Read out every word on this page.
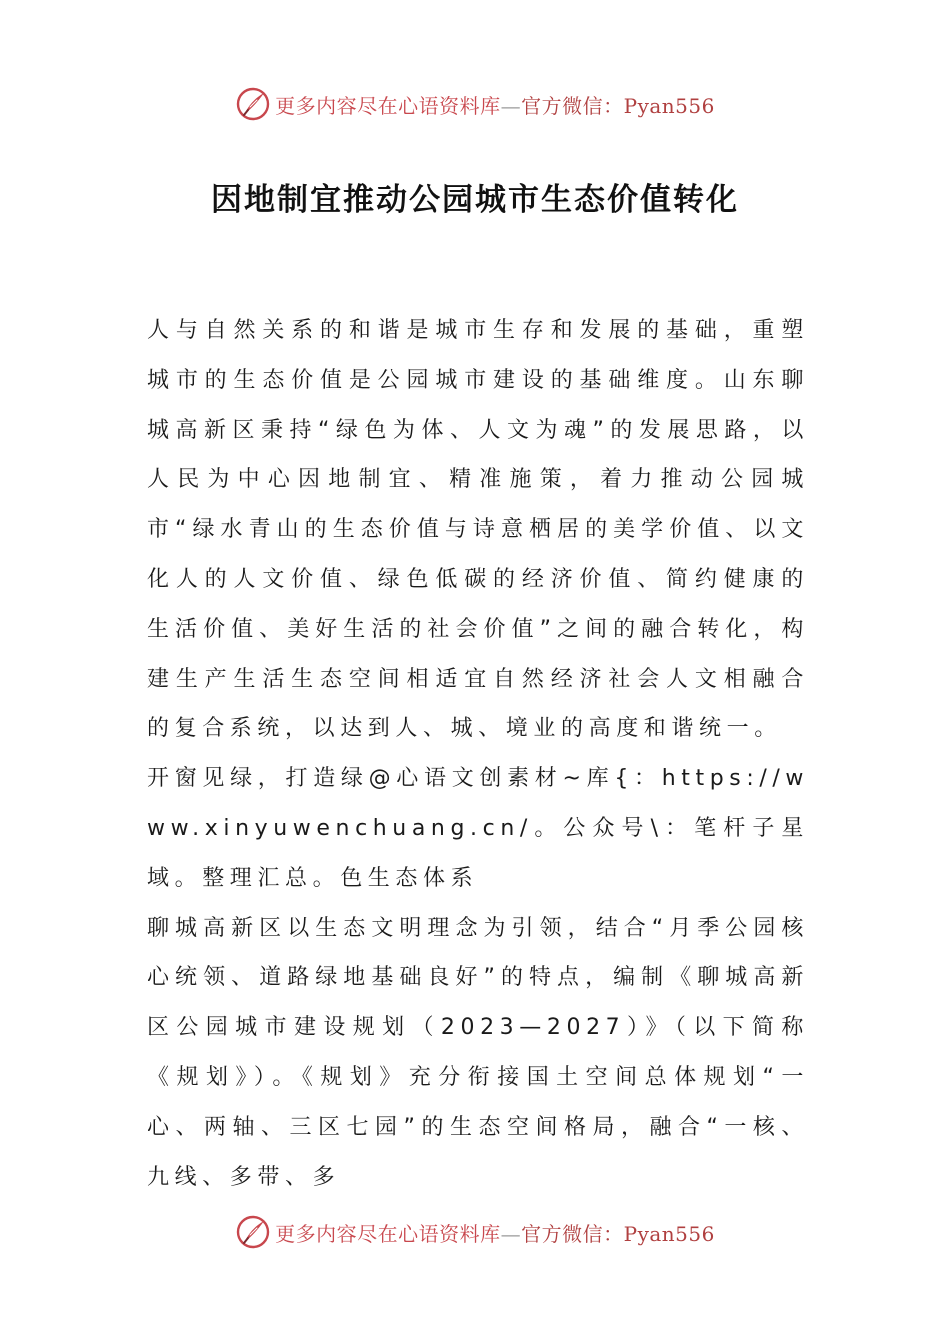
更多内容尽在心语资料库—官方微信：Pyan556
因地制宜推动公园城市生态价值转化

人与自然关系的和谐是城市生存和发展的基础，重塑城市的生态价值是公园城市建设的基础维度。山东聊城高新区秉持“绿色为体、人文为魂”的发展思路，以人民为中心因地制宜、精准施策，着力推动公园城市“绿水青山的生态价值与诗意栖居的美学价值、以文化人的人文价值、绿色低碳的经济价值、简约健康的生活价值、美好生活的社会价值”之间的融合转化，构建生产生活生态空间相适宜自然经济社会人文相融合的复合系统，以达到人、城、境业的高度和谐统一。

开窗见绿，打造绿@心语文创素材~库{：https://www.xinyuwenchuang.cn/。公众号\：笔杆子星域。整理汇总。色生态体系

聊城高新区以生态文明理念为引领，结合“月季公园核心统领、道路绿地基础良好”的特点，编制《聊城高新区公园城市建设规划（2023—2027）》（以下简称《规划》）。《规划》充分衔接国土空间总体规划“一心、两轴、三区七园”的生态空间格局，融合“一核、九线、多带、多

更多内容尽在心语资料库—官方微信：Pyan556
